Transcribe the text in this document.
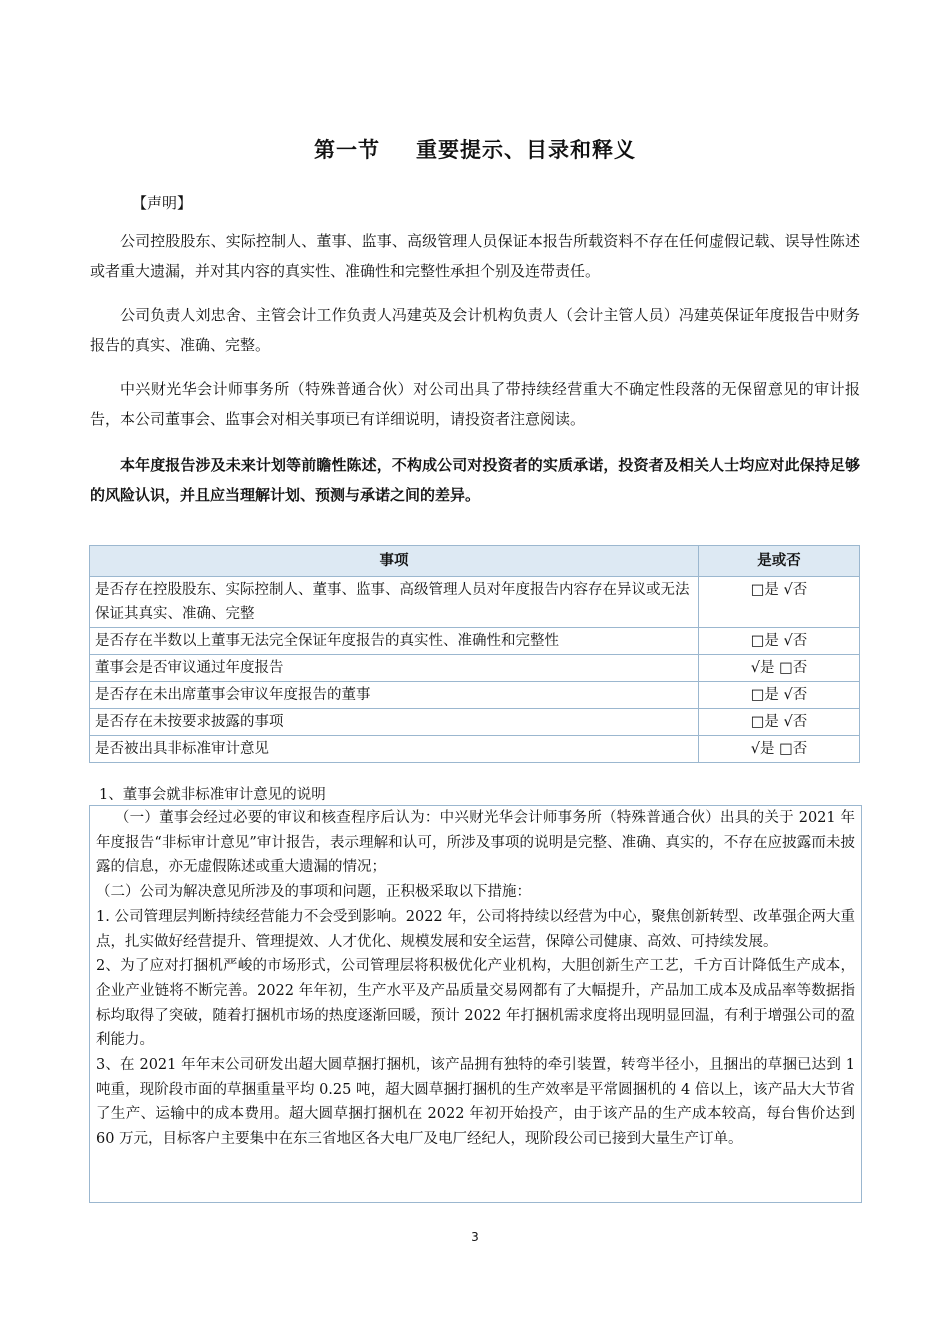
第一节 重要提示、目录和释义
【声明】

公司控股股东、实际控制人、董事、监事、高级管理人员保证本报告所载资料不存在任何虚假记载、误导性陈述或者重大遗漏，并对其内容的真实性、准确性和完整性承担个别及连带责任。

公司负责人刘忠舍、主管会计工作负责人冯建英及会计机构负责人（会计主管人员）冯建英保证年度报告中财务报告的真实、准确、完整。

中兴财光华会计师事务所（特殊普通合伙）对公司出具了带持续经营重大不确定性段落的无保留意见的审计报告，本公司董事会、监事会对相关事项已有详细说明，请投资者注意阅读。

本年度报告涉及未来计划等前瞻性陈述，不构成公司对投资者的实质承诺，投资者及相关人士均应对此保持足够的风险认识，并且应当理解计划、预测与承诺之间的差异。

事项	是或否
是否存在控股股东、实际控制人、董事、监事、高级管理人员对年度报告内容存在异议或无法保证其真实、准确、完整	□是 √否
是否存在半数以上董事无法完全保证年度报告的真实性、准确性和完整性	□是 √否
董事会是否审议通过年度报告	√是 □否
是否存在未出席董事会审议年度报告的董事	□是 √否
是否存在未按要求披露的事项	□是 √否
是否被出具非标准审计意见	√是 □否
1、董事会就非标准审计意见的说明

（一）董事会经过必要的审议和核查程序后认为：中兴财光华会计师事务所（特殊普通合伙）出具的关于 2021 年年度报告“非标审计意见”审计报告，表示理解和认可，所涉及事项的说明是完整、准确、真实的，不存在应披露而未披露的信息，亦无虚假陈述或重大遗漏的情况；

（二）公司为解决意见所涉及的事项和问题，正积极采取以下措施：

1. 公司管理层判断持续经营能力不会受到影响。2022 年，公司将持续以经营为中心，聚焦创新转型、改革强企两大重点，扎实做好经营提升、管理提效、人才优化、规模发展和安全运营，保障公司健康、高效、可持续发展。

2、为了应对打捆机严峻的市场形式，公司管理层将积极优化产业机构，大胆创新生产工艺，千方百计降低生产成本，企业产业链将不断完善。2022 年年初，生产水平及产品质量交易网都有了大幅提升，产品加工成本及成品率等数据指标均取得了突破，随着打捆机市场的热度逐渐回暖，预计 2022 年打捆机需求度将出现明显回温，有利于增强公司的盈利能力。

3、在 2021 年年末公司研发出超大圆草捆打捆机，该产品拥有独特的牵引装置，转弯半径小，且捆出的草捆已达到 1 吨重，现阶段市面的草捆重量平均 0.25 吨，超大圆草捆打捆机的生产效率是平常圆捆机的 4 倍以上，该产品大大节省了生产、运输中的成本费用。超大圆草捆打捆机在 2022 年初开始投产，由于该产品的生产成本较高，每台售价达到 60 万元，目标客户主要集中在东三省地区各大电厂及电厂经纪人，现阶段公司已接到大量生产订单。

3
